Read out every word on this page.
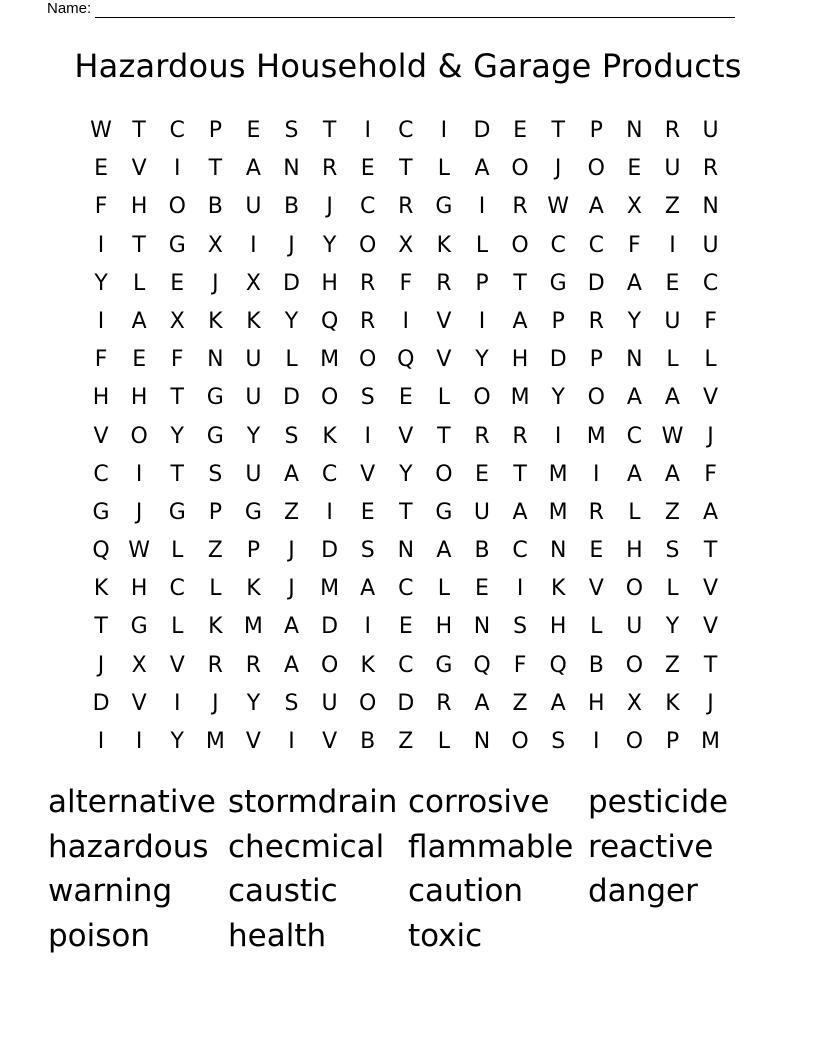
Name:
Hazardous Household & Garage Products
W T	C	P	E	S	T	I	C	I	D	E	T	P	N	R	U
E	V	I	T	A	N	R	E	T	L	A O	J	O	E	U	R
F	H O B	U	B	J	C	R G	I	R W A	X	Z	N
I	T	G	X	I	J	Y	O X	K	L	O C	C	F	I	U
Y	L	E	J	X	D H	R	F	R	P	T	G D	A	E	C
I	A	X	K	K	Y	Q R	I	V	I	A	P	R	Y	U	F
F	E	F	N U	L	M O Q V	Y	H D	P	N	L	L
H H	T	G U D O	S	E	L	O M Y	O A	A	V
V O	Y	G	Y	S	K	I	V	T	R	R	I	M C W	J
C	I	T	S	U	A	C	V	Y	O	E	T M	I	A	A	F
G	J	G	P	G	Z	I	E	T	G U	A M R	L	Z	A
Q W L	Z	P	J	D	S	N	A	B	C	N	E	H	S	T
K	H	C	L	K	J	M A	C	L	E	I	K	V O	L	V
T	G	L	K M A	D	I	E	H N	S	H	L	U	Y	V
J	X	V	R	R	A O	K	C G Q	F	Q B O Z	T
D	V	I	J	Y	S	U O D R	A	Z	A	H	X	K	J
I	I	Y M V	I	V	B	Z	L	N O	S	I	O	P M
alternative stormdrain corrosive	pesticide
hazardous checmical flammable reactive
warning	caustic	caution	danger
poison	health	toxic
